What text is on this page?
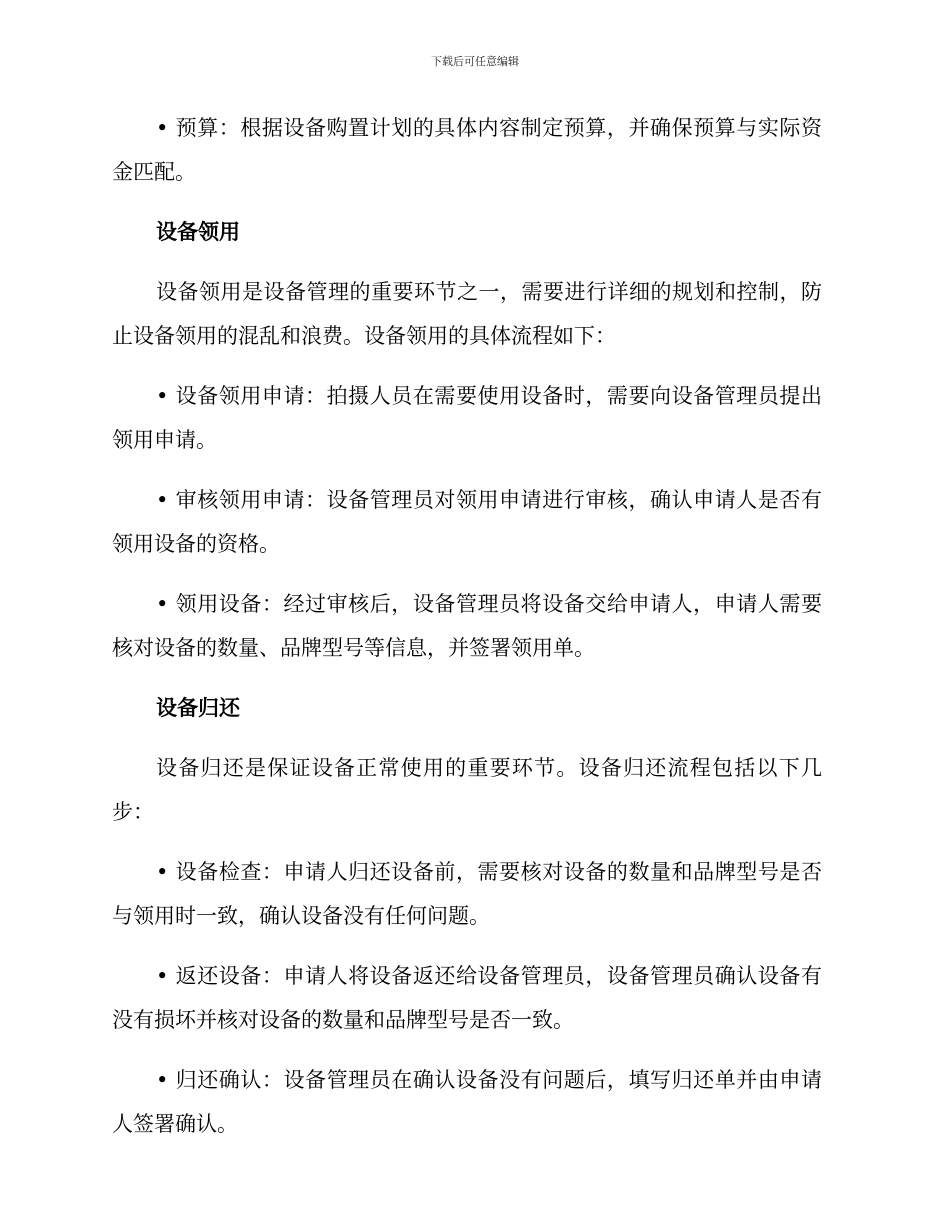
下载后可任意编辑

• 预算：根据设备购置计划的具体内容制定预算，并确保预算与实际资金匹配。

设备领用

设备领用是设备管理的重要环节之一，需要进行详细的规划和控制，防止设备领用的混乱和浪费。设备领用的具体流程如下：

• 设备领用申请：拍摄人员在需要使用设备时，需要向设备管理员提出领用申请。

• 审核领用申请：设备管理员对领用申请进行审核，确认申请人是否有领用设备的资格。

• 领用设备：经过审核后，设备管理员将设备交给申请人，申请人需要核对设备的数量、品牌型号等信息，并签署领用单。

设备归还

设备归还是保证设备正常使用的重要环节。设备归还流程包括以下几步：

• 设备检查：申请人归还设备前，需要核对设备的数量和品牌型号是否与领用时一致，确认设备没有任何问题。

• 返还设备：申请人将设备返还给设备管理员，设备管理员确认设备有没有损坏并核对设备的数量和品牌型号是否一致。

• 归还确认：设备管理员在确认设备没有问题后，填写归还单并由申请人签署确认。
